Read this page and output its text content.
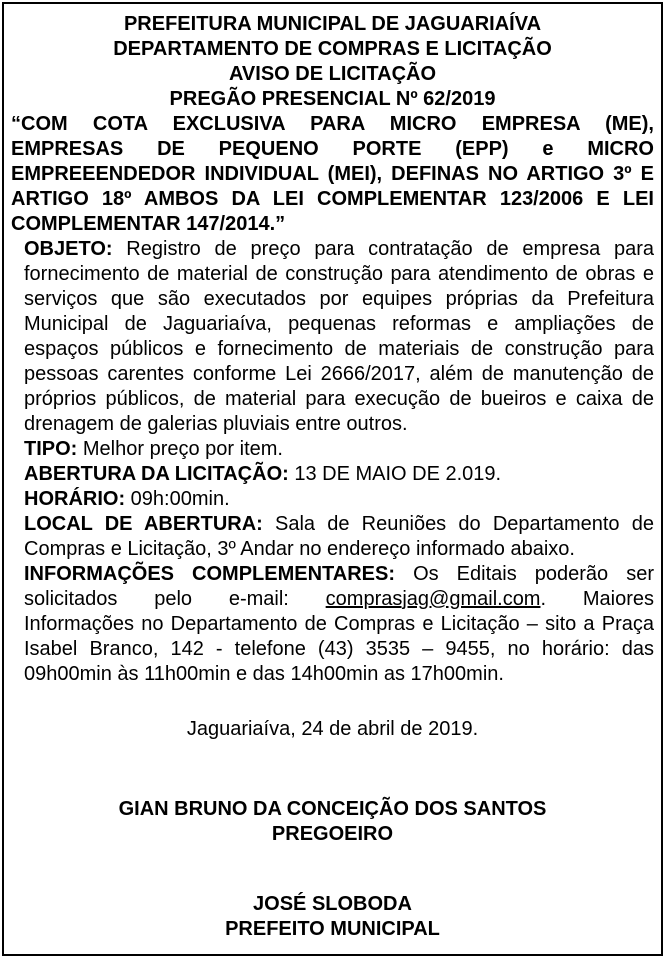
PREFEITURA MUNICIPAL DE JAGUARIAÍVA
DEPARTAMENTO DE COMPRAS E LICITAÇÃO
AVISO DE LICITAÇÃO
PREGÃO PRESENCIAL Nº 62/2019
“COM COTA EXCLUSIVA PARA MICRO EMPRESA (ME),
EMPRESAS DE PEQUENO PORTE (EPP) e MICRO
EMPREEENDEDOR INDIVIDUAL (MEI), DEFINAS NO ARTIGO 3º E
ARTIGO 18º AMBOS DA LEI COMPLEMENTAR 123/2006 E LEI
COMPLEMENTAR 147/2014.”
OBJETO: Registro de preço para contratação de empresa para
fornecimento de material de construção para atendimento de obras e
serviços que são executados por equipes próprias da Prefeitura
Municipal de Jaguariaíva, pequenas reformas e ampliações de
espaços públicos e fornecimento de materiais de construção para
pessoas carentes conforme Lei 2666/2017, além de manutenção de
próprios públicos, de material para execução de bueiros e caixa de
drenagem de galerias pluviais entre outros.
TIPO: Melhor preço por item.
ABERTURA DA LICITAÇÃO: 13 DE MAIO DE 2.019.
HORÁRIO: 09h:00min.
LOCAL DE ABERTURA: Sala de Reuniões do Departamento de
Compras e Licitação, 3º Andar no endereço informado abaixo.
INFORMAÇÕES COMPLEMENTARES: Os Editais poderão ser
solicitados pelo e-mail: comprasjag@gmail.com. Maiores
Informações no Departamento de Compras e Licitação – sito a Praça
Isabel Branco, 142 - telefone (43) 3535 – 9455, no horário: das
09h00min às 11h00min e das 14h00min as 17h00min.
Jaguariaíva, 24 de abril de 2019.
GIAN BRUNO DA CONCEIÇÃO DOS SANTOS
PREGOEIRO
JOSÉ SLOBODA
PREFEITO MUNICIPAL
